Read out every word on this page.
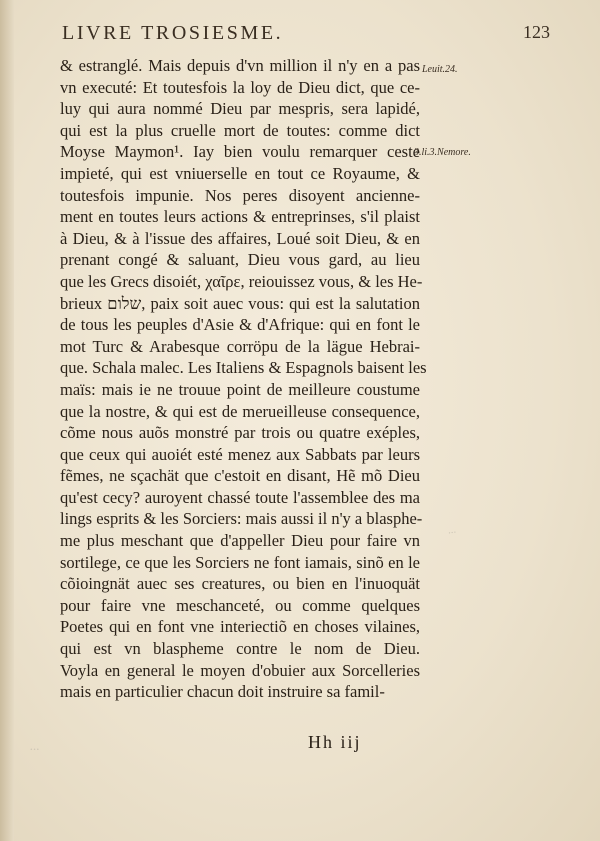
LIVRE TROSIESME.	123
Leuit.24.
3.li.3.Nemore.
& estranglé. Mais depuis d'vn million il n'y en a pas
vn executé: Et toutesfois la loy de Dieu dict, que ce-
luy qui aura nommé Dieu par mespris, sera lapidé,
qui est la plus cruelle mort de toutes: comme dict
Moyse Maymon¹. Iay bien voulu remarquer ceste
impieté, qui est vniuerselle en tout ce Royaume, &
toutesfois impunie. Nos peres disoyent ancienne-
ment en toutes leurs actions & entreprinses, s'il plaist
à Dieu, & à l'issue des affaires, Loué soit Dieu, & en
prenant congé & saluant, Dieu vous gard, au lieu
que les Grecs disoiét, χαῖρε, reiouissez vous, & les He-
brieux שלום, paix soit auec vous: qui est la salutation
de tous les peuples d'Asie & d'Afrique: qui en font le
mot Turc & Arabesque corröpu de la lägue Hebrai-
que. Schala malec. Les Italiens & Espagnols baisent les
maïs: mais ie ne trouue point de meilleure coustume
que la nostre, & qui est de merueilleuse consequence,
cõme nous auõs monstré par trois ou quatre exéples,
que ceux qui auoiét esté menez aux Sabbats par leurs
fẽmes, ne sçachät que c'estoit en disant, Hẽ mõ Dieu
qu'est cecy? auroyent chassé toute l'assemblee des ma
lings esprits & les Sorciers: mais aussi il n'y a blasphe-
me plus meschant que d'appeller Dieu pour faire vn
sortilege, ce que les Sorciers ne font iamais, sinõ en le
cõioingnät auec ses creatures, ou bien en l'inuoquät
pour faire vne meschanceté, ou comme quelques
Poetes qui en font vne interiectiõ en choses vilaines,
qui est vn blaspheme contre le nom de Dieu.
Voyla en general le moyen d'obuier aux Sorcelleries
mais en particulier chacun doit instruire sa famil-
Hh iij
...
...
